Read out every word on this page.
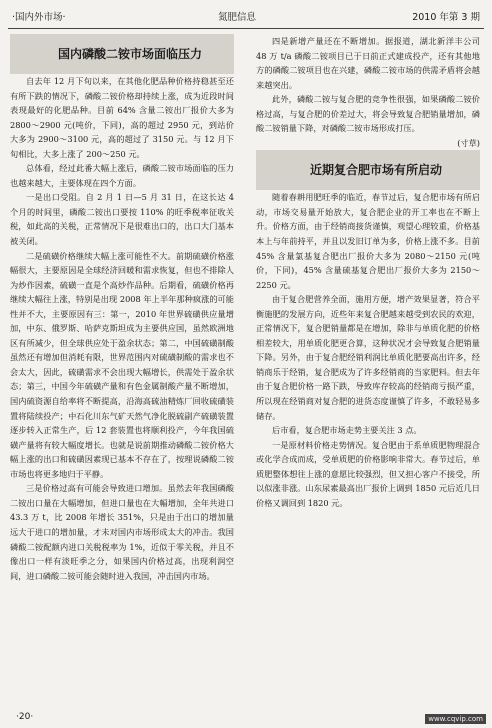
·国内外市场·	氮肥信息	2010 年第 3 期

国内磷酸二铵市场面临压力

自去年 12 月下旬以来，在其他化肥品种价格持稳甚至还有所下跌的情况下，磷酸二铵价格却持续上涨，成为近段时间表现最好的化肥品种。目前 64% 含量二铵出厂报价大多为 2800～2900 元(吨价，下同)，高的超过 2950 元，到站价大多为 2900～3100 元，高的超过了 3150 元。与 12 月下旬相比，大多上涨了 200～250 元。

总体看，经过此番大幅上涨后，磷酸二铵市场面临的压力也越来越大，主要体现在四个方面。

一是出口受阻。自 2 月 1 日—5 月 31 日，在这长达 4 个月的时间里，磷酸二铵出口要按 110% 的旺季税率征收关税，如此高的关税，正常情况下是很难出口的，出口大门基本被关闭。

二是硫磺价格继续大幅上涨可能性不大。前期硫磺价格涨幅很大，主要原因是全球经济回暖和需求恢复，但也不排除人为炒作因素，硫磺一直是个高炒作品种。后期看，硫磺价格再继续大幅往上涨，特别是出现 2008 年上半年那种疯涨的可能性并不大，主要原因有三：第一，2010 年世界硫磺供应量增加，中东、俄罗斯、哈萨克斯坦成为主要供应国，虽然欧洲地区有所减少，但全球供应处于盈余状态；第二，中国硫磺制酸虽然还有增加但消耗有限，世界范围内对硫磺制酸的需求也不会太大，因此，硫磺需求不会出现大幅增长，供需处于盈余状态；第三，中国今年硫磺产量和有色金属制酸产量不断增加，国内硫资源自给率将不断提高，沿海高硫油精炼厂回收硫磺装置将陆续投产；中石化川东气矿天然气净化脱硫副产硫磺装置逐步转入正常生产，后 12 套装置也将顺利投产，今年我国硫磺产量将有较大幅度增长。也就是说前期推动磷酸二铵价格大幅上涨的出口和硫磺因素现已基本不存在了，按理说磷酸二铵市场也将更多地归于平静。

三是价格过高有可能会导致进口增加。虽然去年我国磷酸二铵出口量在大幅增加，但进口量也在大幅增加，全年共进口 43.3 万 t，比 2008 年增长 351%，只是由于出口的增加量远大于进口的增加量，才未对国内市场形成太大的冲击。我国磷酸二铵配额内进口关税税率为 1%，近似于零关税，并且不像出口一样有淡旺季之分，如果国内价格过高，出现利润空间，进口磷酸二铵可能会随时进入我国，冲击国内市场。

四是新增产量还在不断增加。据报道，湖北新洋丰公司 48 万 t/a 磷酸二铵项目已于日前正式建成投产，还有其他地方的磷酸二铵项目也在兴建，磷酸二铵市场的供需矛盾将会越来越突出。

此外，磷酸二铵与复合肥的竞争性很强，如果磷酸二铵价格过高，与复合肥的价差过大，将会导致复合肥销量增加，磷酸二铵销量下降，对磷酸二铵市场形成打压。

(寸草)

近期复合肥市场有所启动

随着春耕用肥旺季的临近，春节过后，复合肥市场有所启动，市场交易量开始放大，复合肥企业的开工率也在不断上升。价格方面，由于经销商接货谨慎，观望心理较重，价格基本上与年前持平，并且以发旧订单为多，价格上涨不多。目前 45% 含量氯基复合肥出厂报价大多为 2080～2150 元(吨价，下同)，45% 含量硫基复合肥出厂报价大多为 2150～2250 元。

由于复合肥营养全面，施用方便，增产效果显著，符合平衡施肥的发展方向，近些年来复合肥越来越受到农民的欢迎，正常情况下，复合肥销量都是在增加，除非与单质化肥的价格相差较大，用单质化肥更合算，这种状况才会导致复合肥销量下降。另外，由于复合肥经销利润比单质化肥要高出许多，经销商乐于经销，复合肥成为了许多经销商的当家肥料。但去年由于复合肥价格一路下跌，导致库存较高的经销商亏损严重，所以现在经销商对复合肥的进货态度谨慎了许多，不敢轻易多储存。

后市看，复合肥市场走势主要关注 3 点。

一是原材料价格走势情况。复合肥由于系单质肥物理混合或化学合成而成，受单质肥的价格影响非常大。春节过后，单质肥整体想往上涨的意愿比较强烈，但又担心客户不接受，所以似涨非涨。山东尿素最高出厂报价上调到 1850 元后近几日价格又调回到 1820 元。

·20·	www.cqvip.com
